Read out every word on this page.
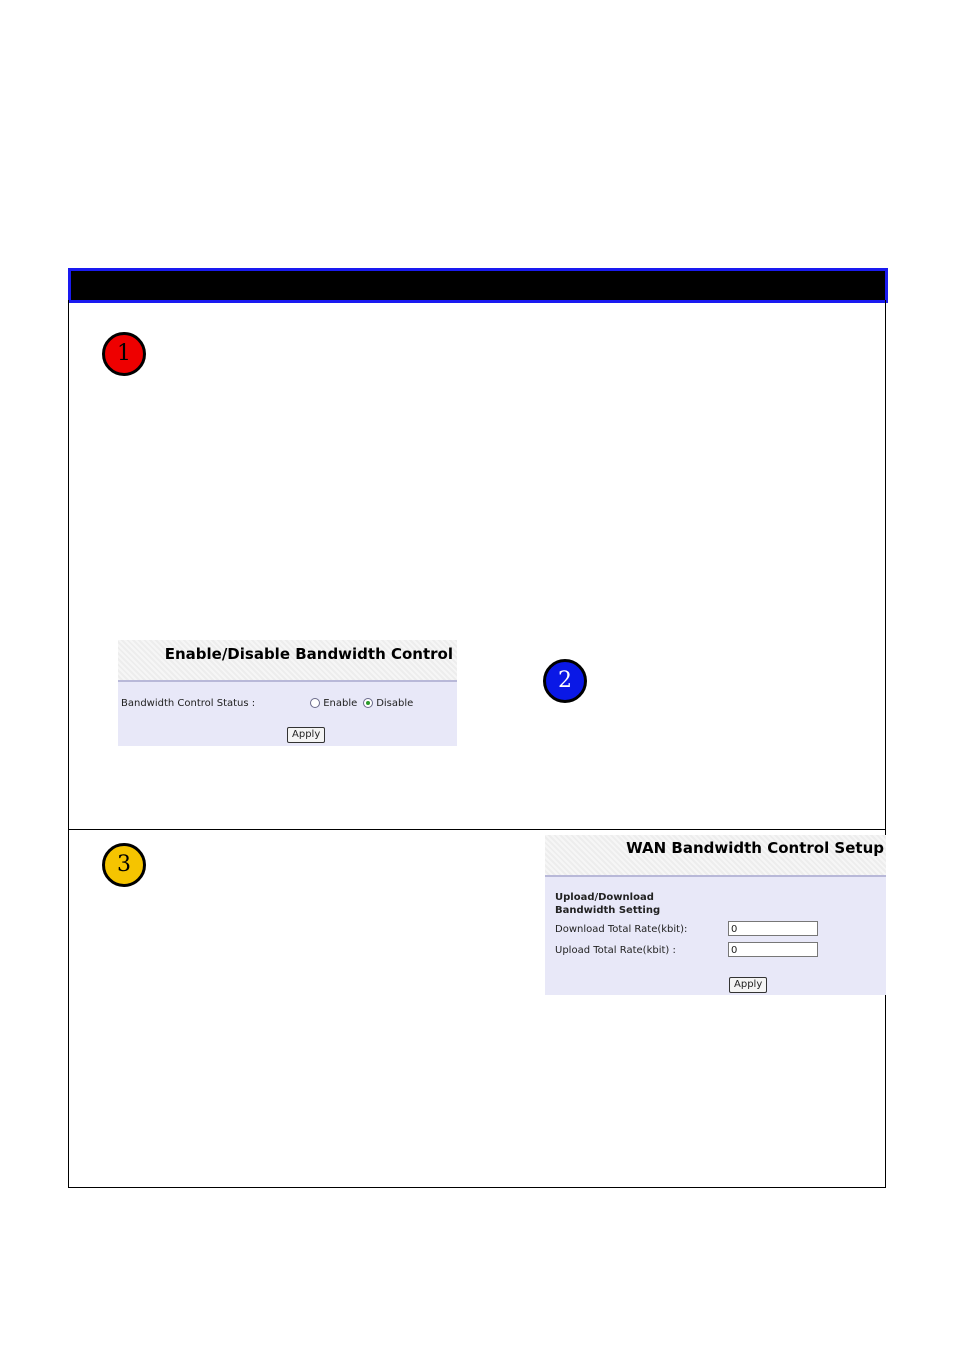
1
2
3
Enable/Disable Bandwidth Control
Bandwidth Control Status :	Enable	Disable
Apply
WAN Bandwidth Control Setup
Upload/Download
Bandwidth Setting
Download Total Rate(kbit):	0
Upload Total Rate(kbit) :	0
Apply
